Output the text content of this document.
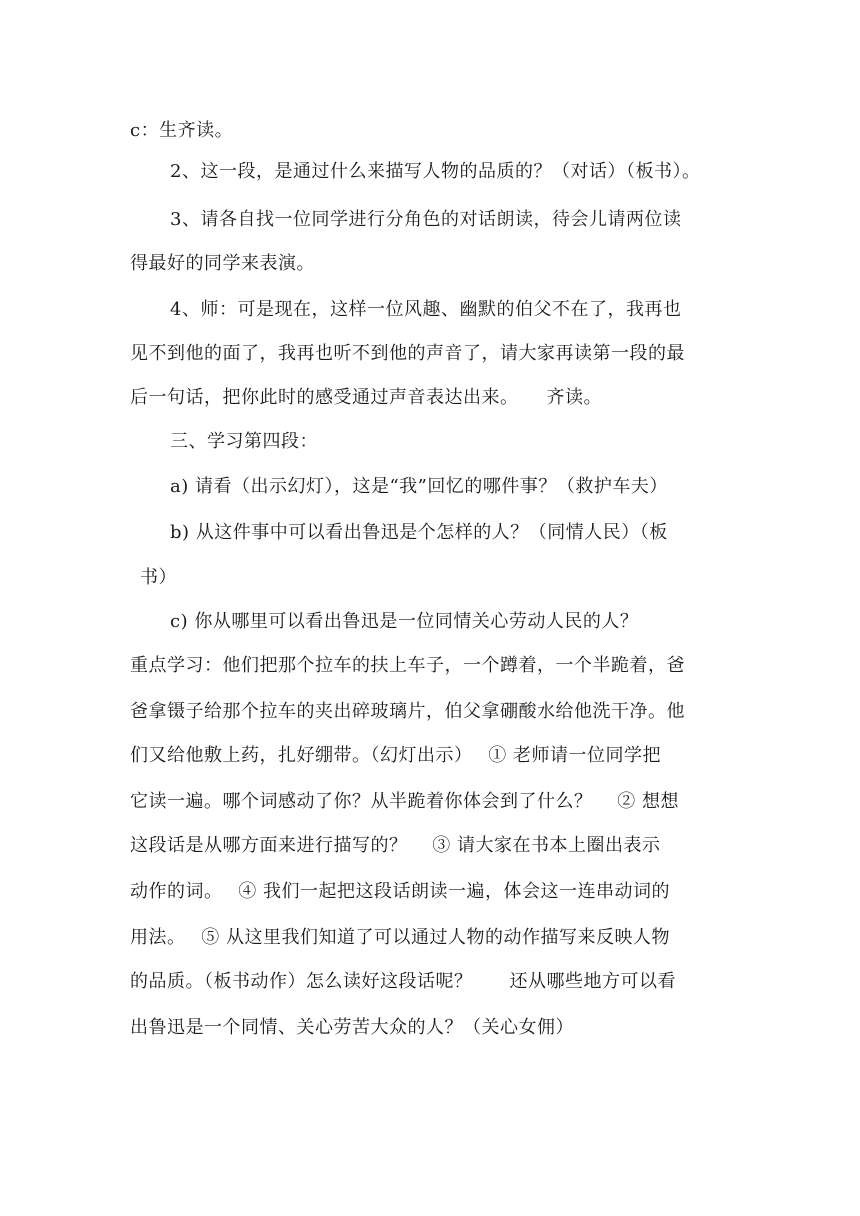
c：生齐读。
2、这一段，是通过什么来描写人物的品质的？（对话）（板书）。
3、请各自找一位同学进行分角色的对话朗读，待会儿请两位读
得最好的同学来表演。
4、师：可是现在，这样一位风趣、幽默的伯父不在了，我再也
见不到他的面了，我再也听不到他的声音了，请大家再读第一段的最
后一句话，把你此时的感受通过声音表达出来。　　齐读。
三、学习第四段：
a) 请看（出示幻灯），这是“我”回忆的哪件事？（救护车夫）
b) 从这件事中可以看出鲁迅是个怎样的人？（同情人民）（板
书）
c) 你从哪里可以看出鲁迅是一位同情关心劳动人民的人？
重点学习：他们把那个拉车的扶上车子，一个蹲着，一个半跪着，爸
爸拿镊子给那个拉车的夹出碎玻璃片，伯父拿硼酸水给他洗干净。他
们又给他敷上药，扎好绷带。（幻灯出示）　 ① 老师请一位同学把
它读一遍。哪个词感动了你？从半跪着你体会到了什么？　 ② 想想
这段话是从哪方面来进行描写的？　 ③ 请大家在书本上圈出表示
动作的词。　 ④ 我们一起把这段话朗读一遍，体会这一连串动词的
用法。　 ⑤ 从这里我们知道了可以通过人物的动作描写来反映人物
的品质。（板书动作）怎么读好这段话呢？　　还从哪些地方可以看
出鲁迅是一个同情、关心劳苦大众的人？（关心女佣）
